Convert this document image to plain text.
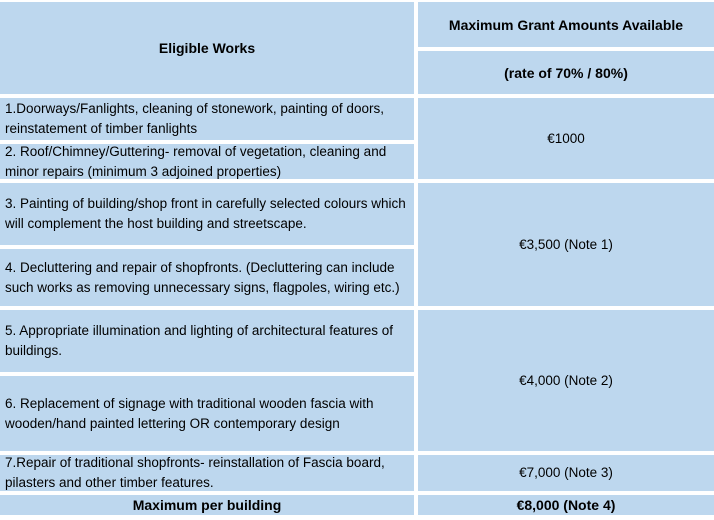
Eligible Works
Maximum Grant Amounts Available
(rate of 70% / 80%)
1.Doorways/Fanlights, cleaning of stonework, painting of doors, reinstatement of timber fanlights
2. Roof/Chimney/Guttering- removal of vegetation, cleaning and minor repairs (minimum 3 adjoined properties)
3. Painting of building/shop front in carefully selected colours which will complement the host building and streetscape.
4. Decluttering and repair of shopfronts. (Decluttering can include such works as removing unnecessary signs, flagpoles, wiring etc.)
5. Appropriate illumination and lighting of architectural features of buildings.
6. Replacement of signage with traditional wooden fascia with wooden/hand painted lettering OR contemporary design
7.Repair of traditional shopfronts- reinstallation of Fascia board, pilasters and other timber features.
€1000
€3,500 (Note 1)
€4,000 (Note 2)
€7,000 (Note 3)
Maximum per building	€8,000 (Note 4)
